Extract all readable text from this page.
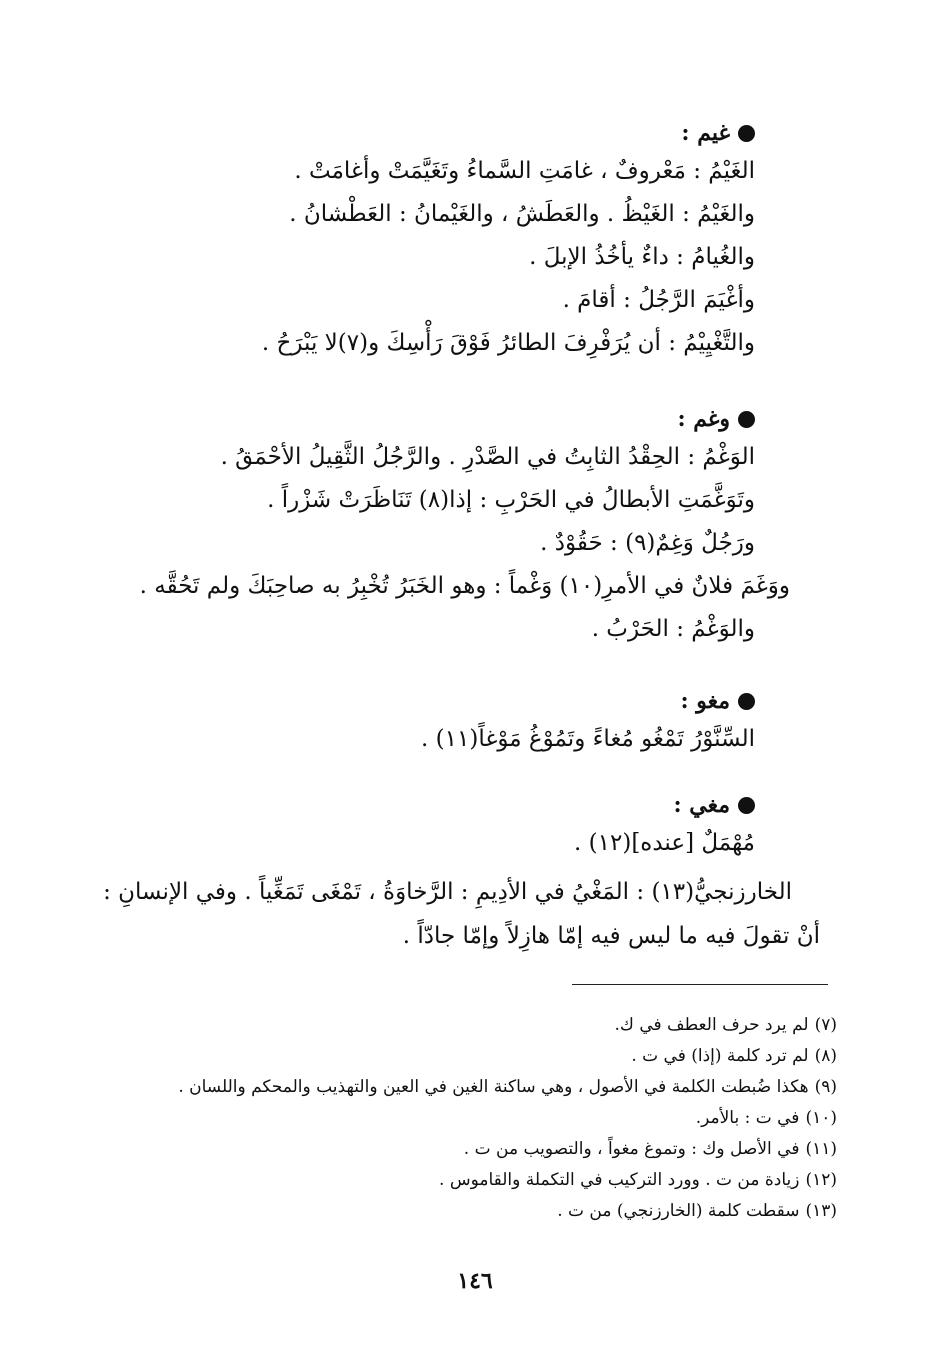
غيم :
الغَيْمُ : مَعْروفٌ ، غامَتِ السَّماءُ وتَغَيَّمَتْ وأغامَتْ .
والغَيْمُ : الغَيْظُ . والعَطَشُ ، والغَيْمانُ : العَطْشانُ .
والغُيامُ : داءٌ يأخُذُ الإبلَ .
وأغْيَمَ الرَّجُلُ : أقامَ .
والتَّغْيِيْمُ : أن يُرَفْرِفَ الطائرُ فَوْقَ رَأْسِكَ و(٧)لا يَبْرَحُ .
وغم :
الوَغْمُ : الحِقْدُ الثابِتُ في الصَّدْرِ . والرَّجُلُ الثَّقِيلُ الأحْمَقُ .
وتَوَغَّمَتِ الأبطالُ في الحَرْبِ : إذا(٨) تَنَاظَرَتْ شَزْراً .
ورَجُلٌ وَغِمٌ(٩) : حَقُوْدٌ .
ووَغَمَ فلانٌ في الأمرِ(١٠) وَغْماً : وهو الخَبَرُ تُخْبِرُ به صاحِبَكَ ولم تَحُقَّه .
والوَغْمُ : الحَرْبُ .
مغو :
السِّنَّوْرُ تَمْغُو مُغاءً وتَمُوْغُ مَوْغاً(١١) .
مغي :
مُهْمَلٌ [عنده](١٢) .
الخارزنجيُّ(١٣) : المَغْيُ في الأدِيمِ : الرَّخاوَةُ ، تَمْغَى تَمَغِّياً . وفي الإنسانِ :
أنْ تقولَ فيه ما ليس فيه إمّا هازِلاً وإمّا جادّاً .
(٧)لم يرد حرف العطف في ك.
(٨)لم ترد كلمة (إذا) في ت .
(٩)هكذا ضُبطت الكلمة في الأصول ، وهي ساكنة الغين في العين والتهذيب والمحكم واللسان .
(١٠)في ت : بالأمر.
(١١)في الأصل وك : وتموغ مغواً ، والتصويب من ت .
(١٢)زيادة من ت . وورد التركيب في التكملة والقاموس .
(١٣)سقطت كلمة (الخارزنجي) من ت .
١٤٦
